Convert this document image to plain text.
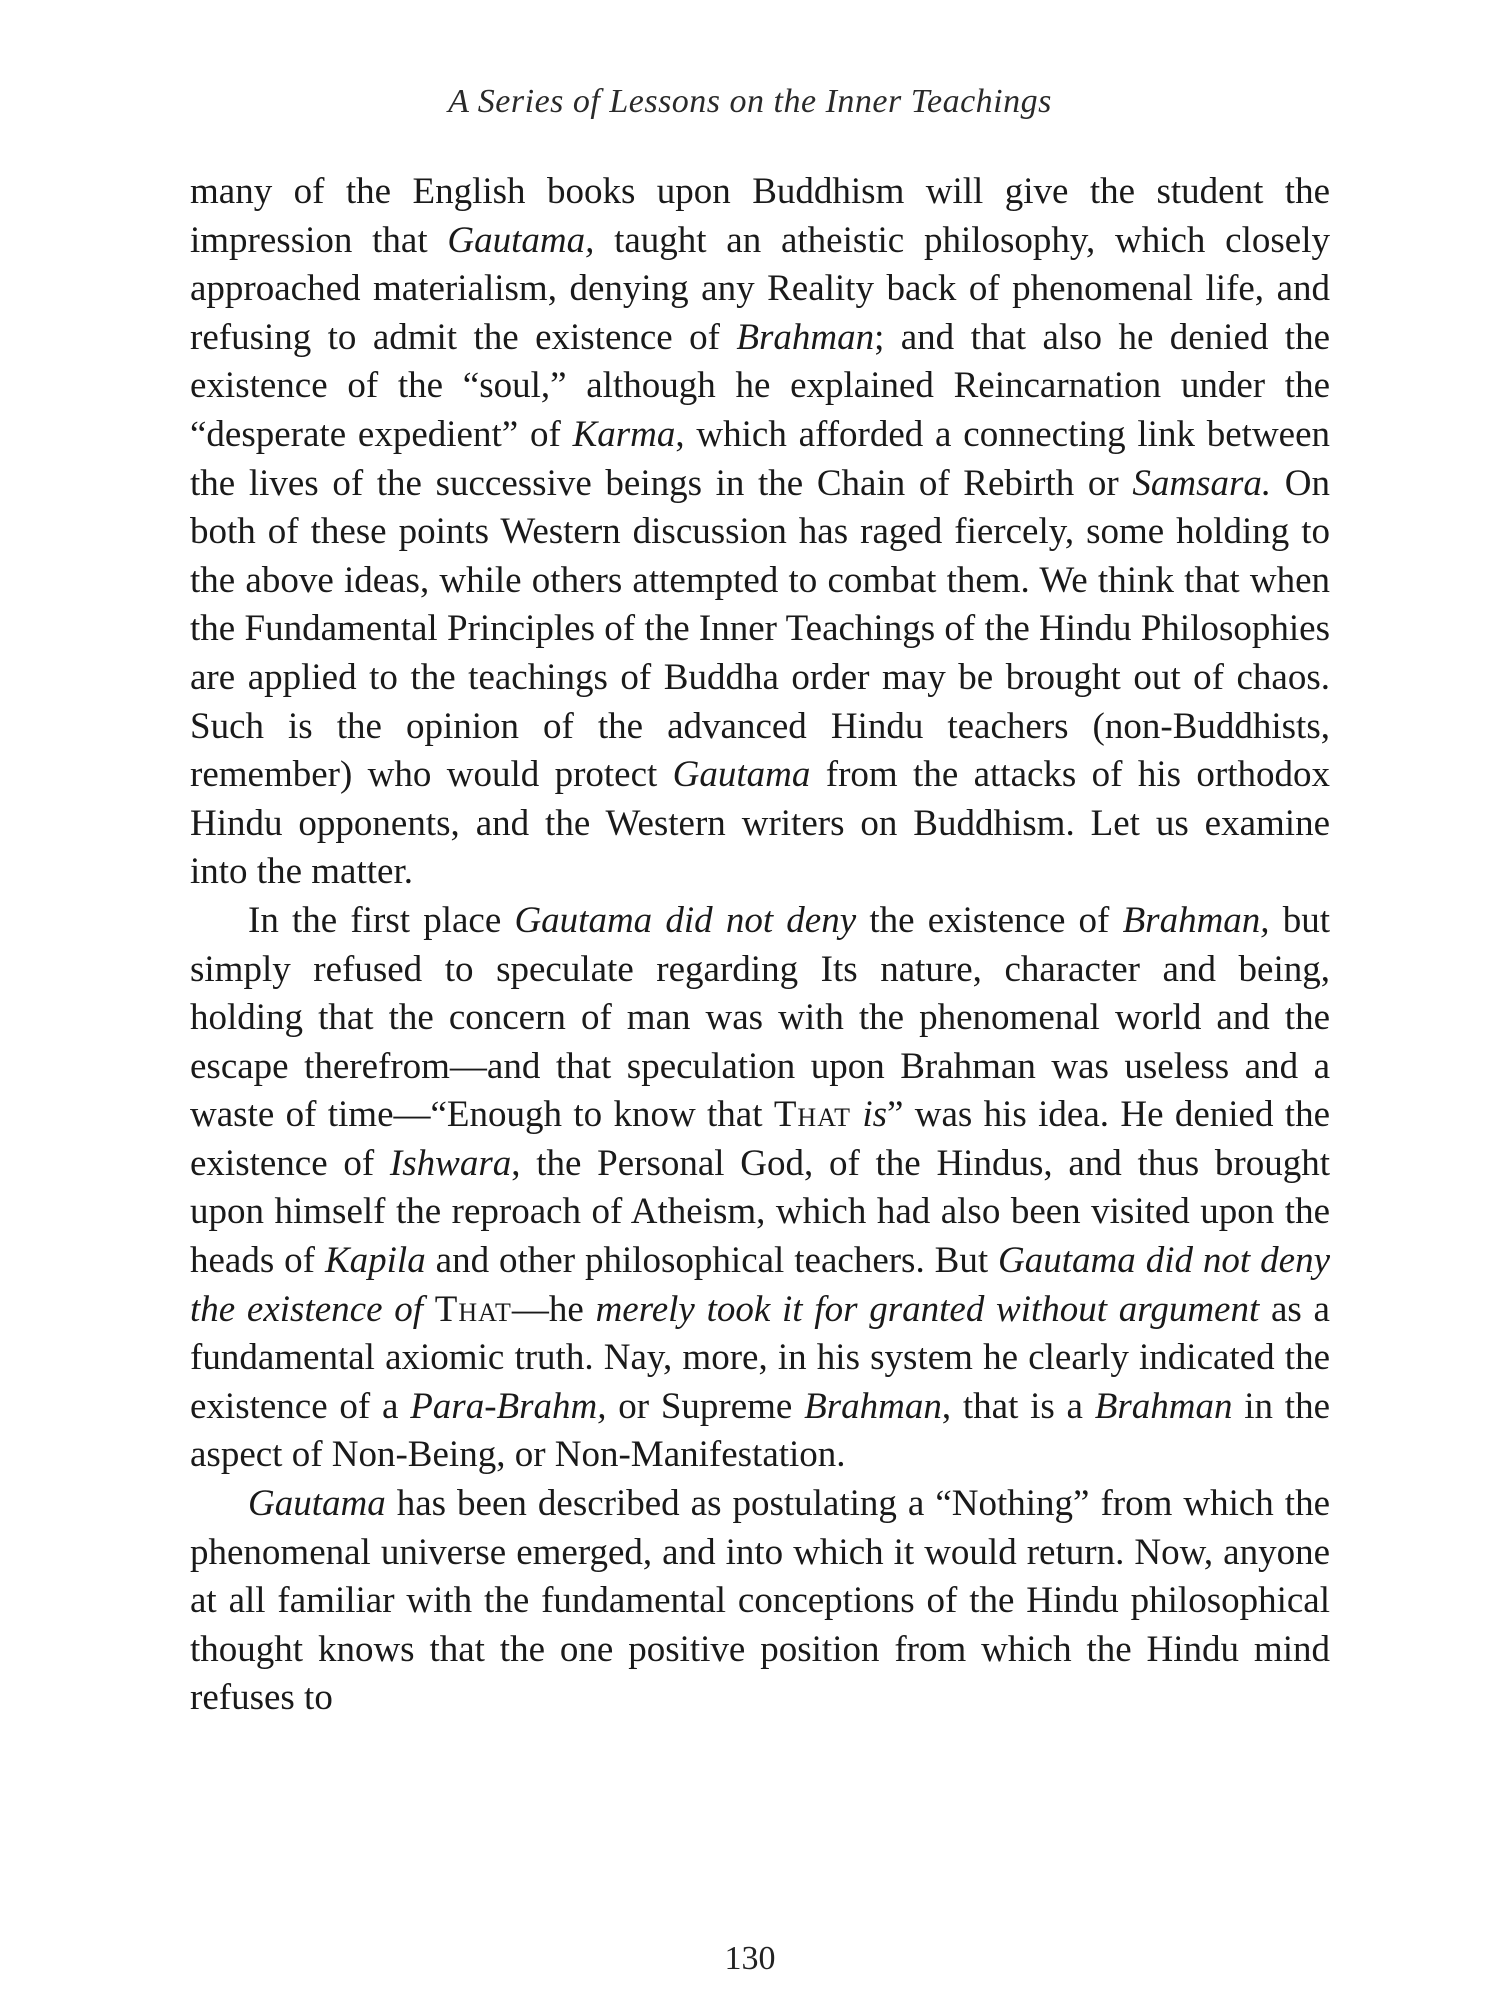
A Series of Lessons on the Inner Teachings

many of the English books upon Buddhism will give the student the impression that Gautama, taught an atheistic philosophy, which closely approached materialism, denying any Reality back of phenomenal life, and refusing to admit the existence of Brahman; and that also he denied the existence of the “soul,” although he explained Reincarnation under the “desperate expedient” of Karma, which afforded a connecting link between the lives of the successive beings in the Chain of Rebirth or Samsara. On both of these points Western discussion has raged fiercely, some holding to the above ideas, while others attempted to combat them. We think that when the Fundamental Principles of the Inner Teachings of the Hindu Philosophies are applied to the teachings of Buddha order may be brought out of chaos. Such is the opinion of the advanced Hindu teachers (non-Buddhists, remember) who would protect Gautama from the attacks of his orthodox Hindu opponents, and the Western writers on Buddhism. Let us examine into the matter.

In the first place Gautama did not deny the existence of Brahman, but simply refused to speculate regarding Its nature, character and being, holding that the concern of man was with the phenomenal world and the escape therefrom—and that speculation upon Brahman was useless and a waste of time—“Enough to know that That is” was his idea. He denied the existence of Ishwara, the Personal God, of the Hindus, and thus brought upon himself the reproach of Atheism, which had also been visited upon the heads of Kapila and other philosophical teachers. But Gautama did not deny the existence of That—he merely took it for granted without argument as a fundamental axiomic truth. Nay, more, in his system he clearly indicated the existence of a Para-Brahm, or Supreme Brahman, that is a Brahman in the aspect of Non-Being, or Non-Manifestation.

Gautama has been described as postulating a “Nothing” from which the phenomenal universe emerged, and into which it would return. Now, anyone at all familiar with the fundamental conceptions of the Hindu philosophical thought knows that the one positive position from which the Hindu mind refuses to

130
